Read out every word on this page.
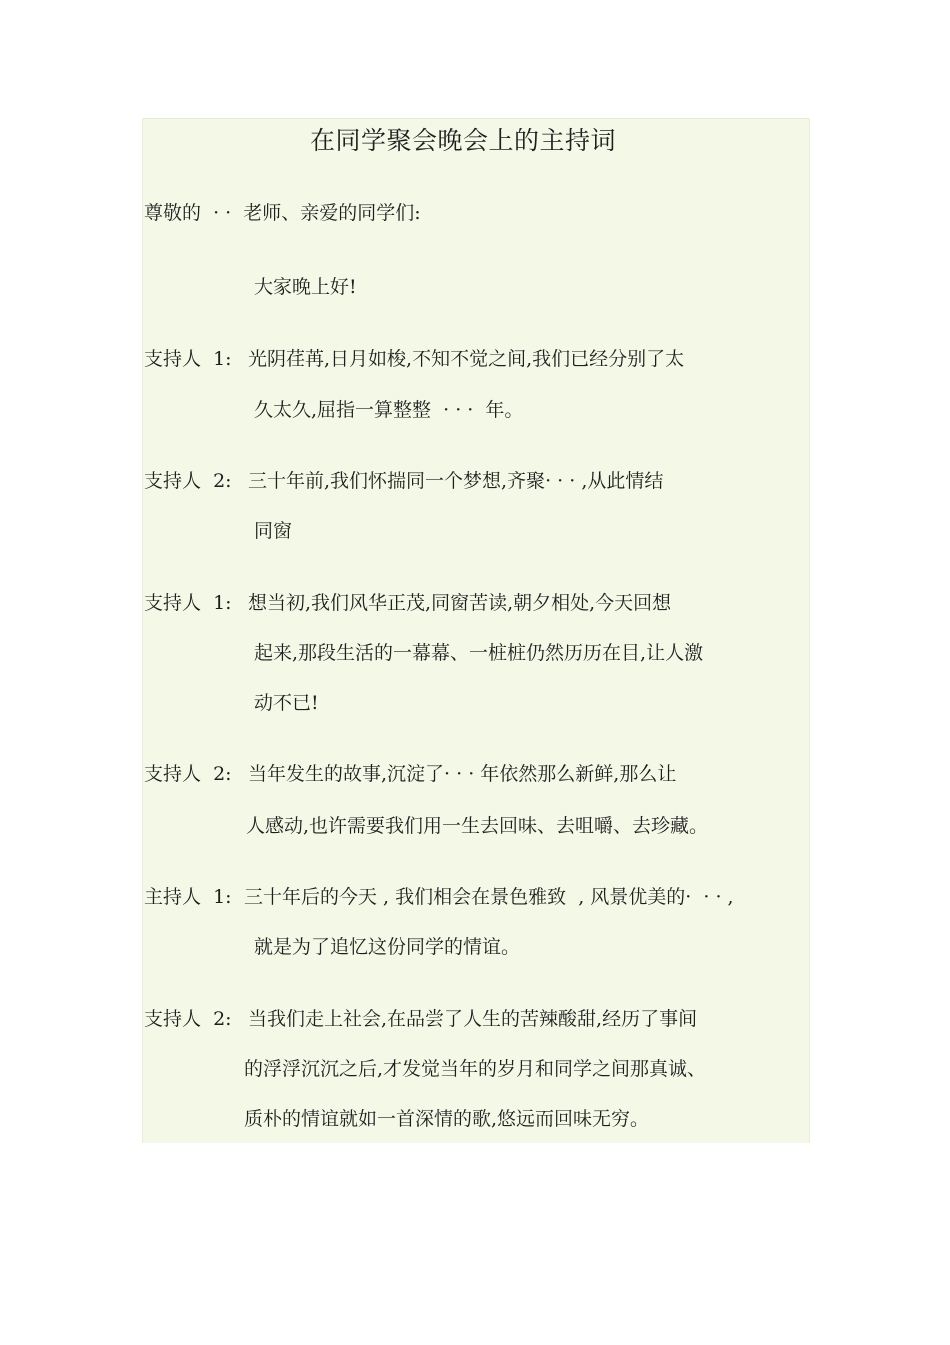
在同学聚会晚会上的主持词
尊敬的  · ·  老师、亲爱的同学们:
大家晚上好!
支持人  1: 光阴荏苒,日月如梭,不知不觉之间,我们已经分别了太
久太久,屈指一算整整  · · ·  年。
支持人  2: 三十年前,我们怀揣同一个梦想,齐聚· · · ,从此情结
同窗
支持人  1: 想当初,我们风华正茂,同窗苦读,朝夕相处,今天回想
起来,那段生活的一幕幕、一桩桩仍然历历在目,让人激
动不已!
支持人  2: 当年发生的故事,沉淀了· · · 年依然那么新鲜,那么让
人感动,也许需要我们用一生去回味、去咀嚼、去珍藏。
主持人  1: 三十年后的今天 , 我们相会在景色雅致  , 风景优美的·  · · ,
就是为了追忆这份同学的情谊。
支持人  2: 当我们走上社会,在品尝了人生的苦辣酸甜,经历了事间
的浮浮沉沉之后,才发觉当年的岁月和同学之间那真诚、
质朴的情谊就如一首深情的歌,悠远而回味无穷。
